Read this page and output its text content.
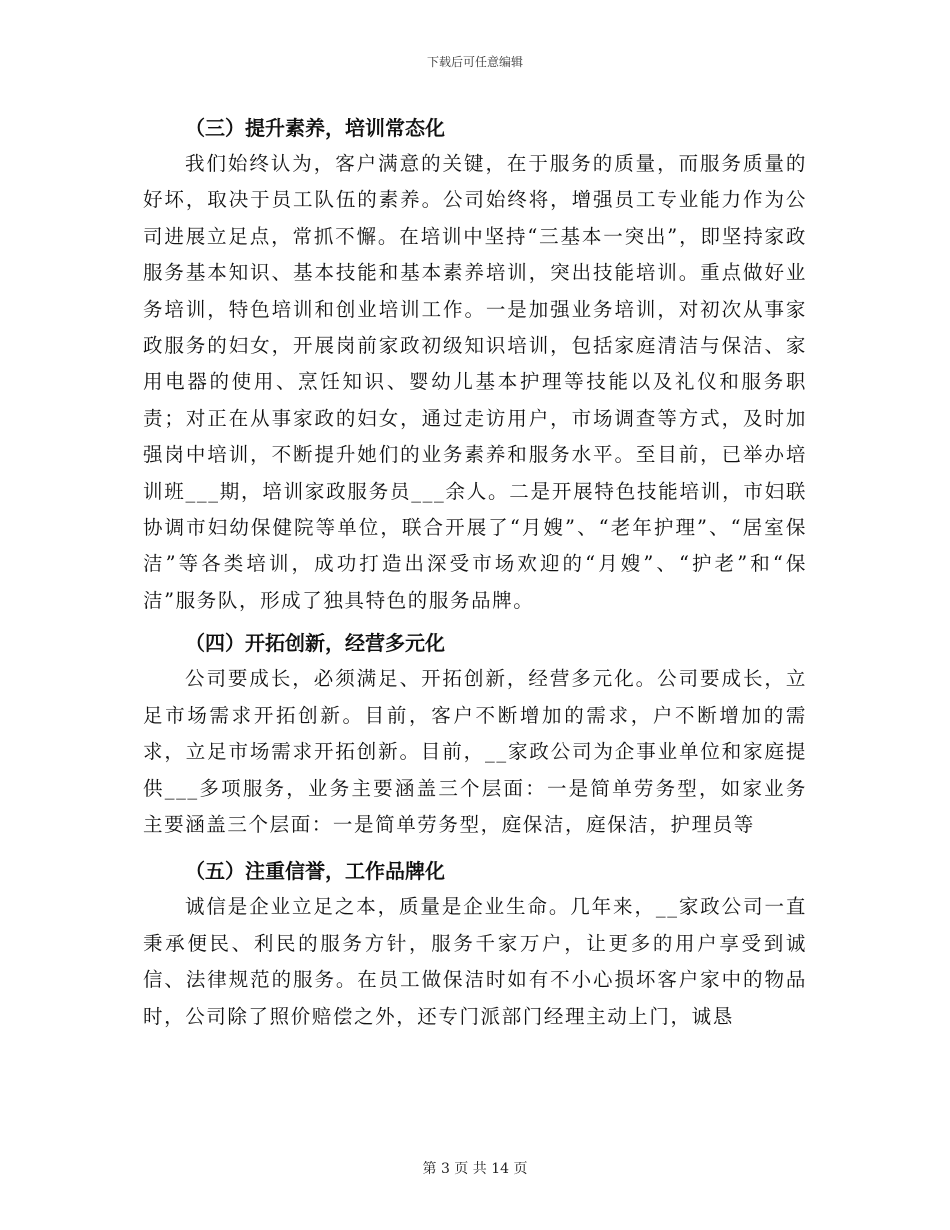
下载后可任意编辑
（三）提升素养，培训常态化

我们始终认为，客户满意的关键，在于服务的质量，而服务质量的好坏，取决于员工队伍的素养。公司始终将，增强员工专业能力作为公司进展立足点，常抓不懈。在培训中坚持“三基本一突出”，即坚持家政服务基本知识、基本技能和基本素养培训，突出技能培训。重点做好业务培训，特色培训和创业培训工作。一是加强业务培训，对初次从事家政服务的妇女，开展岗前家政初级知识培训，包括家庭清洁与保洁、家用电器的使用、烹饪知识、婴幼儿基本护理等技能以及礼仪和服务职责；对正在从事家政的妇女，通过走访用户，市场调查等方式，及时加强岗中培训，不断提升她们的业务素养和服务水平。至目前，已举办培训班___期，培训家政服务员___余人。二是开展特色技能培训，市妇联协调市妇幼保健院等单位，联合开展了“月嫂”、“老年护理”、“居室保洁”等各类培训，成功打造出深受市场欢迎的“月嫂”、“护老”和“保洁”服务队，形成了独具特色的服务品牌。

（四）开拓创新，经营多元化

公司要成长，必须满足、开拓创新，经营多元化。公司要成长，立足市场需求开拓创新。目前，客户不断增加的需求，户不断增加的需求，立足市场需求开拓创新。目前，__家政公司为企事业单位和家庭提供___多项服务，业务主要涵盖三个层面：一是简单劳务型，如家业务主要涵盖三个层面：一是简单劳务型，庭保洁，庭保洁，护理员等

（五）注重信誉，工作品牌化

诚信是企业立足之本，质量是企业生命。几年来，__家政公司一直秉承便民、利民的服务方针，服务千家万户，让更多的用户享受到诚信、法律规范的服务。在员工做保洁时如有不小心损坏客户家中的物品时，公司除了照价赔偿之外，还专门派部门经理主动上门，诚恳

第 3 页 共 14 页
